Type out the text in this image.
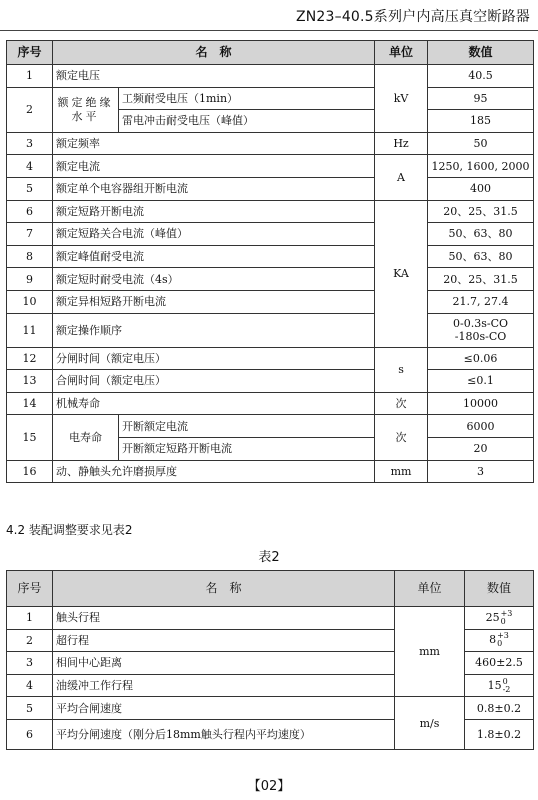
ZN23–40.5系列户内高压真空断路器
序号	名　称		单位	数值
1	额定电压		kV	40.5
2	额定绝缘水平	工频耐受电压（1min）		95
		雷电冲击耐受电压（峰值）		185
3	额定频率		Hz	50
4	额定电流		A	1250, 1600, 2000
5	额定单个电容器组开断电流			400
6	额定短路开断电流		KA	20、25、31.5
7	额定短路关合电流（峰值）			50、63、80
8	额定峰值耐受电流			50、63、80
9	额定短时耐受电流（4s）			20、25、31.5
10	额定异相短路开断电流			21.7, 27.4
11	额定操作顺序			0-0.3s-CO
-180s-CO

12	分闸时间（额定电压）		s	≤0.06
13	合闸时间（额定电压）			≤0.1
14	机械寿命		次	10000
15	电寿命	开断额定电流	次	6000
		开断额定短路开断电流		20
16	动、静触头允许磨损厚度		mm	3
4.2 装配调整要求见表2
表2
序号	名　称	单位	数值
1	触头行程	mm	25 +3
0

2	超行程		8 +3
0

3	相间中心距离		460±2.5
4	油缓冲工作行程		15 0
-2

5	平均合闸速度	m/s	0.8±0.2
6	平均分闸速度（刚分后18mm触头行程内平均速度）		1.8±0.2
【02】
